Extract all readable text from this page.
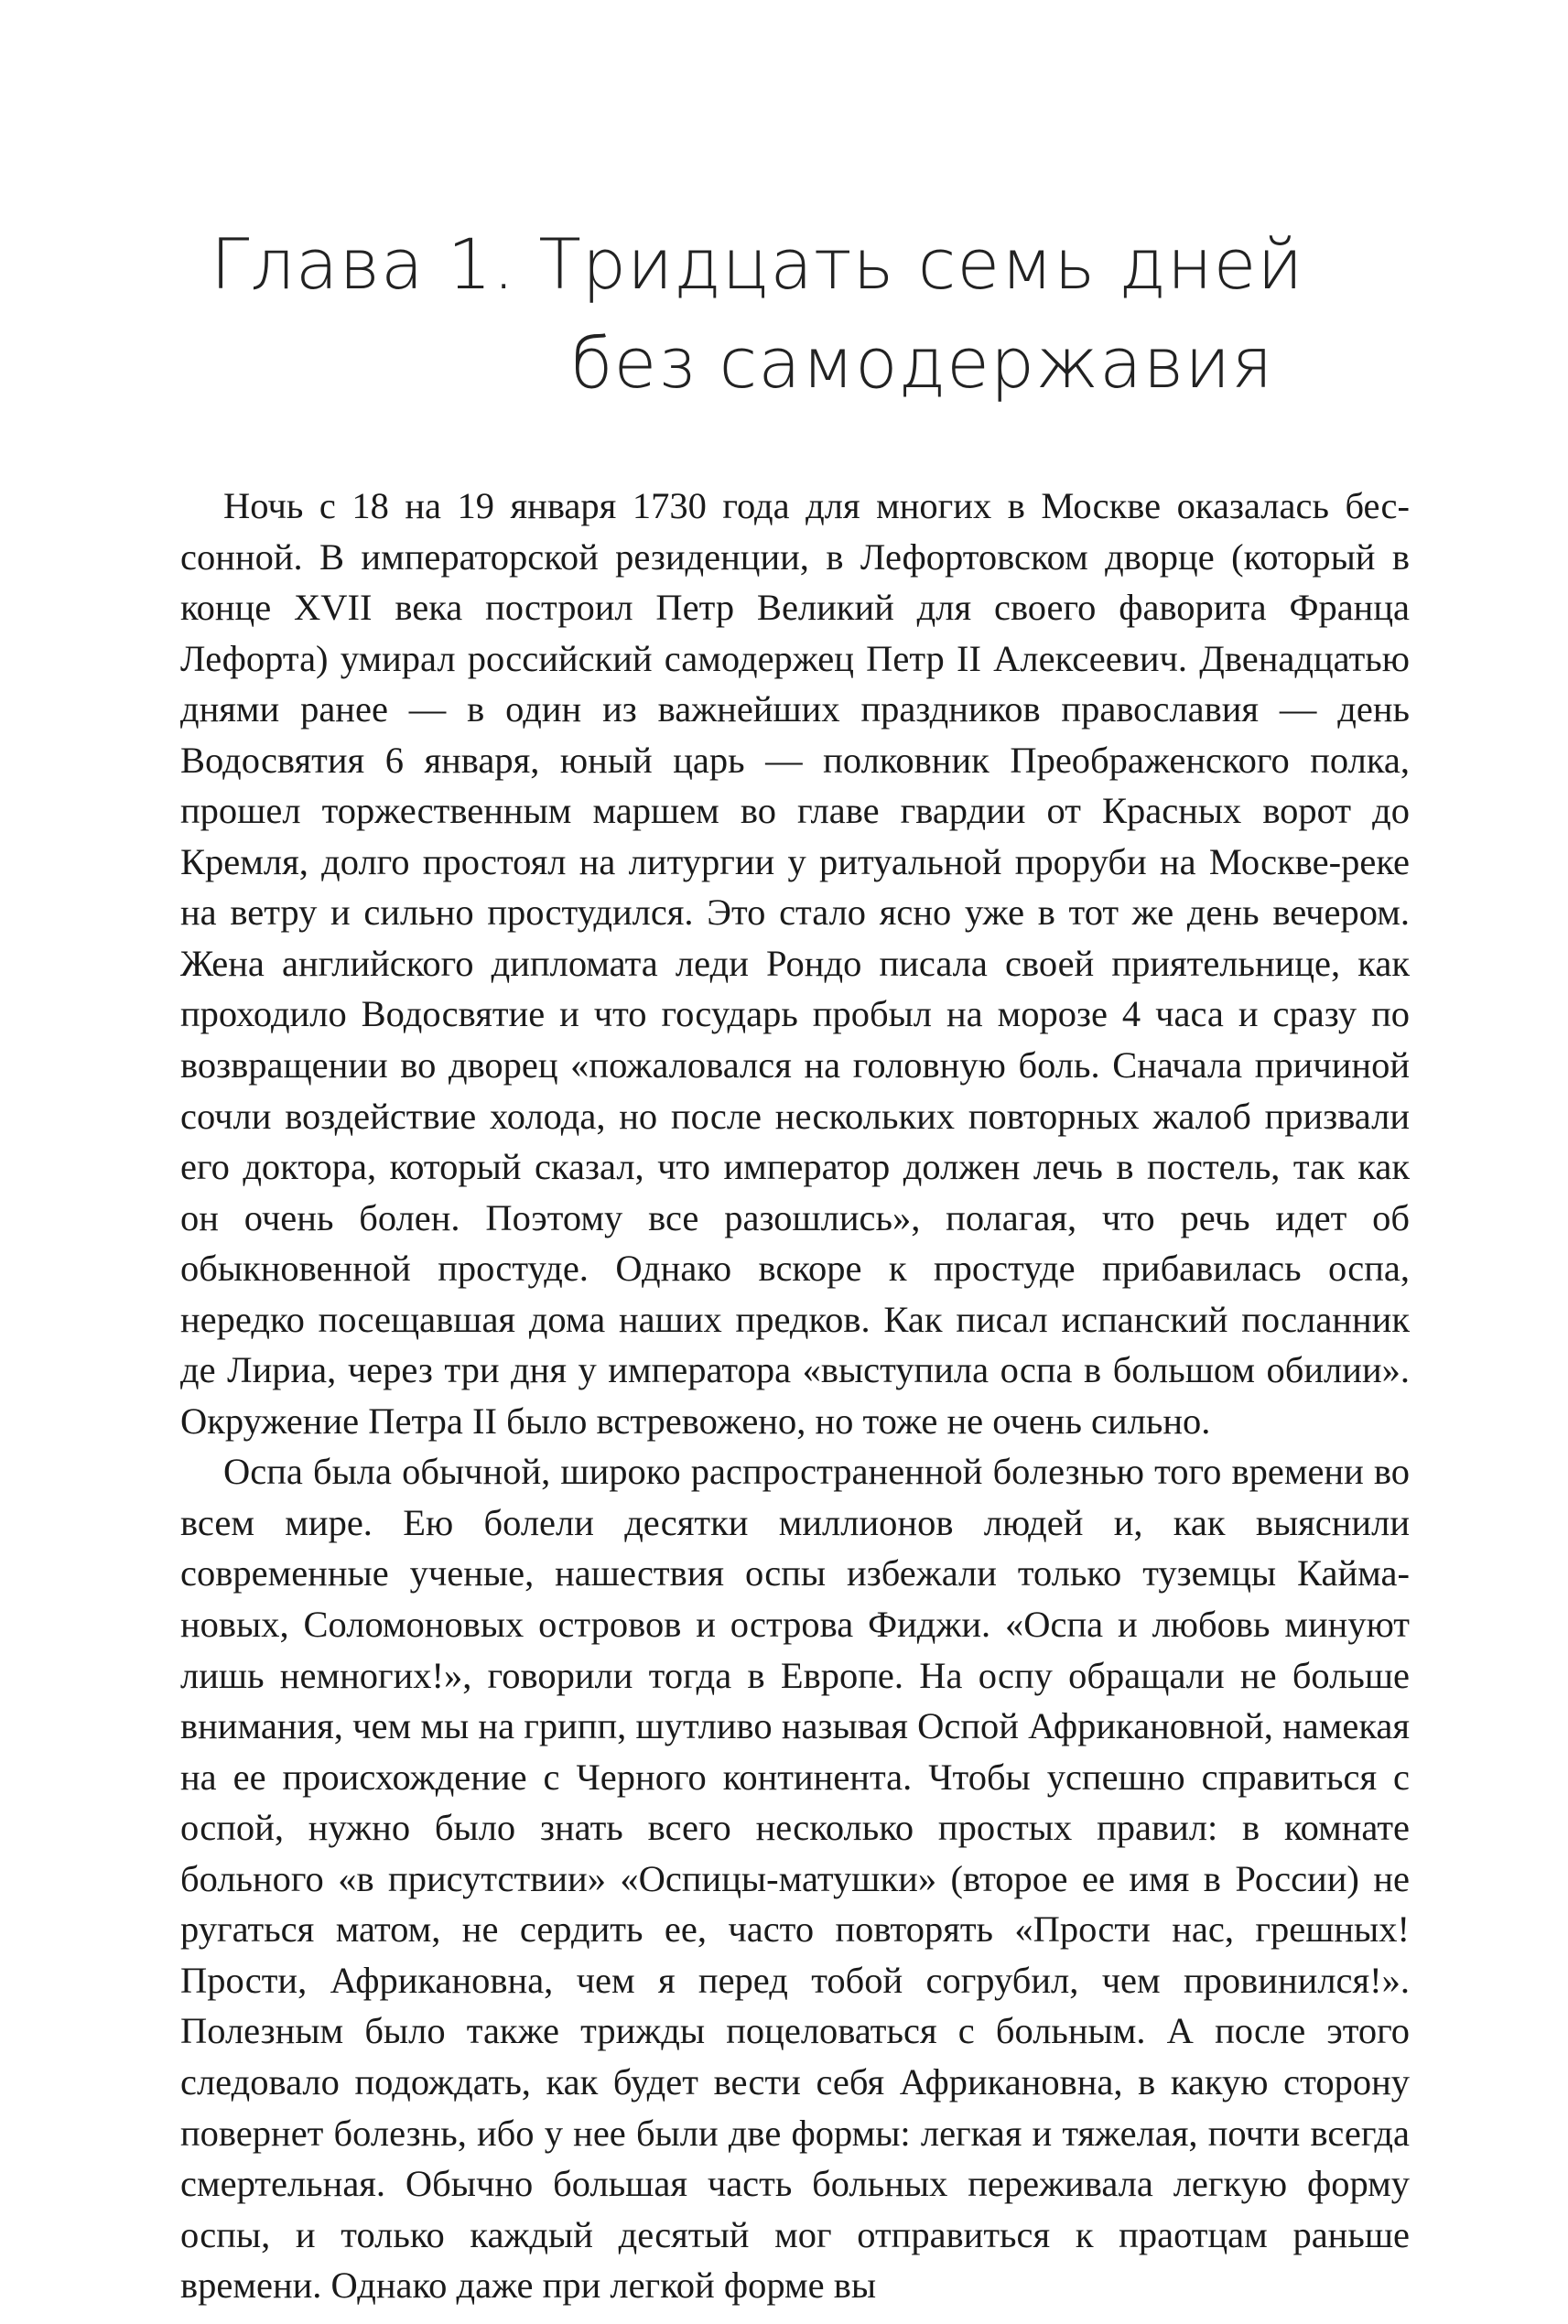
Глава 1. Тридцать семь дней
без самодержавия

Ночь с 18 на 19 января 1730 года для многих в Москве оказалась бессонной. В императорской резиденции, в Лефортовском дворце (который в конце XVII века построил Петр Великий для своего фаворита Франца Лефорта) умирал российский самодержец Петр II Алексеевич. Двенадцатью днями ранее — в один из важнейших праздников православия — день Водосвятия 6 января, юный царь — полковник Преображенского полка, прошел торжественным маршем во главе гвардии от Красных ворот до Кремля, долго простоял на литургии у ритуальной проруби на Москве-реке на ветру и сильно простудился. Это стало ясно уже в тот же день вечером. Жена английского дипломата леди Рондо писала своей приятельнице, как проходило Водосвятие и что государь пробыл на морозе 4 часа и сразу по возвращении во дворец «пожаловался на головную боль. Сначала причиной сочли воздействие холода, но после нескольких повторных жалоб призвали его доктора, который сказал, что император должен лечь в постель, так как он очень болен. Поэтому все разошлись», полагая, что речь идет об обыкновенной простуде. Однако вскоре к простуде прибавилась оспа, нередко посещавшая дома наших предков. Как писал испанский посланник де Лириа, через три дня у императора «выступила оспа в большом обилии». Окружение Петра II было встревожено, но тоже не очень сильно.

Оспа была обычной, широко распространенной болезнью того времени во всем мире. Ею болели десятки миллионов людей и, как выяснили современные ученые, нашествия оспы избежали только туземцы Каймановых, Соломоновых островов и острова Фиджи. «Оспа и любовь минуют лишь немногих!», говорили тогда в Европе. На оспу обращали не больше внимания, чем мы на грипп, шутливо называя Оспой Африкановной, намекая на ее происхождение с Черного континента. Чтобы успешно справиться с оспой, нужно было знать всего несколько простых правил: в комнате больного «в присутствии» «Оспицы-матушки» (второе ее имя в России) не ругаться матом, не сердить ее, часто повторять «Прости нас, грешных! Прости, Африкановна, чем я перед тобой согрубил, чем провинился!». Полезным было также трижды поцеловаться с больным. А после этого следовало подождать, как будет вести себя Африкановна, в какую сторону повернет болезнь, ибо у нее были две формы: легкая и тяжелая, почти всегда смертельная. Обычно большая часть больных переживала легкую форму оспы, и только каждый десятый мог отправиться к праотцам раньше времени. Однако даже при легкой форме вы
